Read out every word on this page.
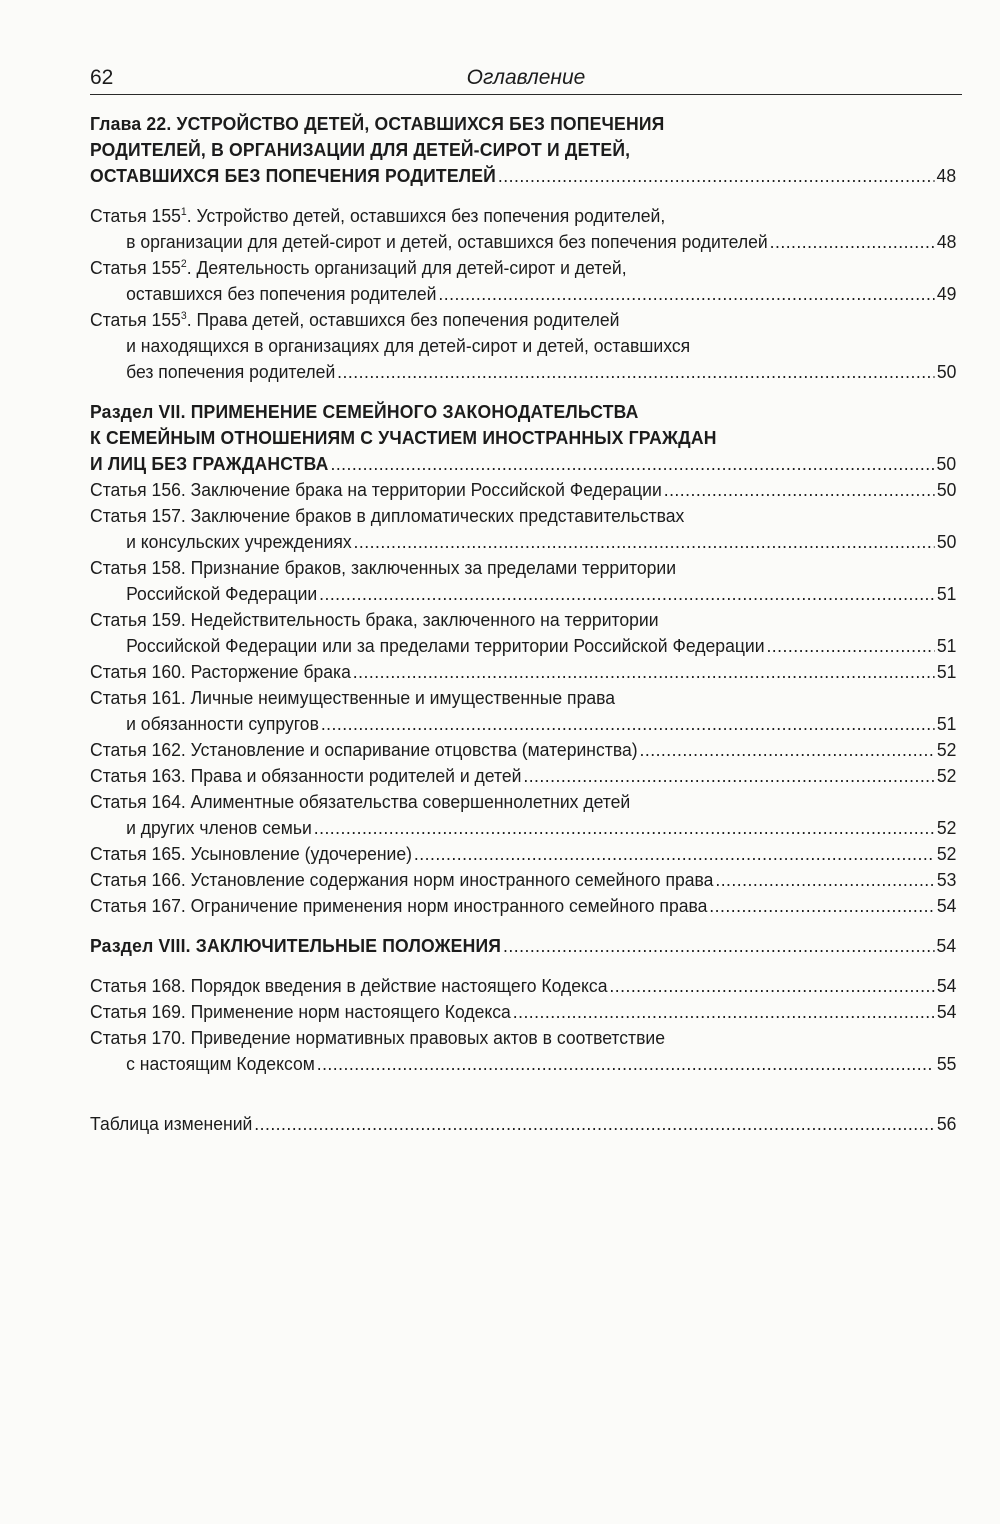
62	Оглавление
Глава 22. УСТРОЙСТВО ДЕТЕЙ, ОСТАВШИХСЯ БЕЗ ПОПЕЧЕНИЯ
РОДИТЕЛЕЙ, В ОРГАНИЗАЦИИ ДЛЯ ДЕТЕЙ-СИРОТ И ДЕТЕЙ,
ОСТАВШИХСЯ БЕЗ ПОПЕЧЕНИЯ РОДИТЕЛЕЙ .....	48
Статья $155^1$. Устройство детей, оставшихся без попечения родителей,
в организации для детей-сирот и детей, оставшихся без попечения родителей .....	48
Статья $155^2$. Деятельность организаций для детей-сирот и детей,
оставшихся без попечения родителей .....	49
Статья $155^3$. Права детей, оставшихся без попечения родителей
и находящихся в организациях для детей-сирот и детей, оставшихся
без попечения родителей .....	50
Раздел VII. ПРИМЕНЕНИЕ СЕМЕЙНОГО ЗАКОНОДАТЕЛЬСТВА
К СЕМЕЙНЫМ ОТНОШЕНИЯМ С УЧАСТИЕМ ИНОСТРАННЫХ ГРАЖДАН
И ЛИЦ БЕЗ ГРАЖДАНСТВА .....	50
Статья 156. Заключение брака на территории Российской Федерации .....	50
Статья 157. Заключение браков в дипломатических представительствах
и консульских учреждениях .....	50
Статья 158. Признание браков, заключенных за пределами территории
Российской Федерации .....	51
Статья 159. Недействительность брака, заключенного на территории
Российской Федерации или за пределами территории Российской Федерации .....	51
Статья 160. Расторжение брака .....	51
Статья 161. Личные неимущественные и имущественные права
и обязанности супругов .....	51
Статья 162. Установление и оспаривание отцовства (материнства) .....	52
Статья 163. Права и обязанности родителей и детей .....	52
Статья 164. Алиментные обязательства совершеннолетних детей
и других членов семьи .....	52
Статья 165. Усыновление (удочерение) .....	52
Статья 166. Установление содержания норм иностранного семейного права .....	53
Статья 167. Ограничение применения норм иностранного семейного права .....	54
Раздел VIII. ЗАКЛЮЧИТЕЛЬНЫЕ ПОЛОЖЕНИЯ .....	54
Статья 168. Порядок введения в действие настоящего Кодекса .....	54
Статья 169. Применение норм настоящего Кодекса .....	54
Статья 170. Приведение нормативных правовых актов в соответствие
с настоящим Кодексом .....	55
Таблица изменений .....	56
